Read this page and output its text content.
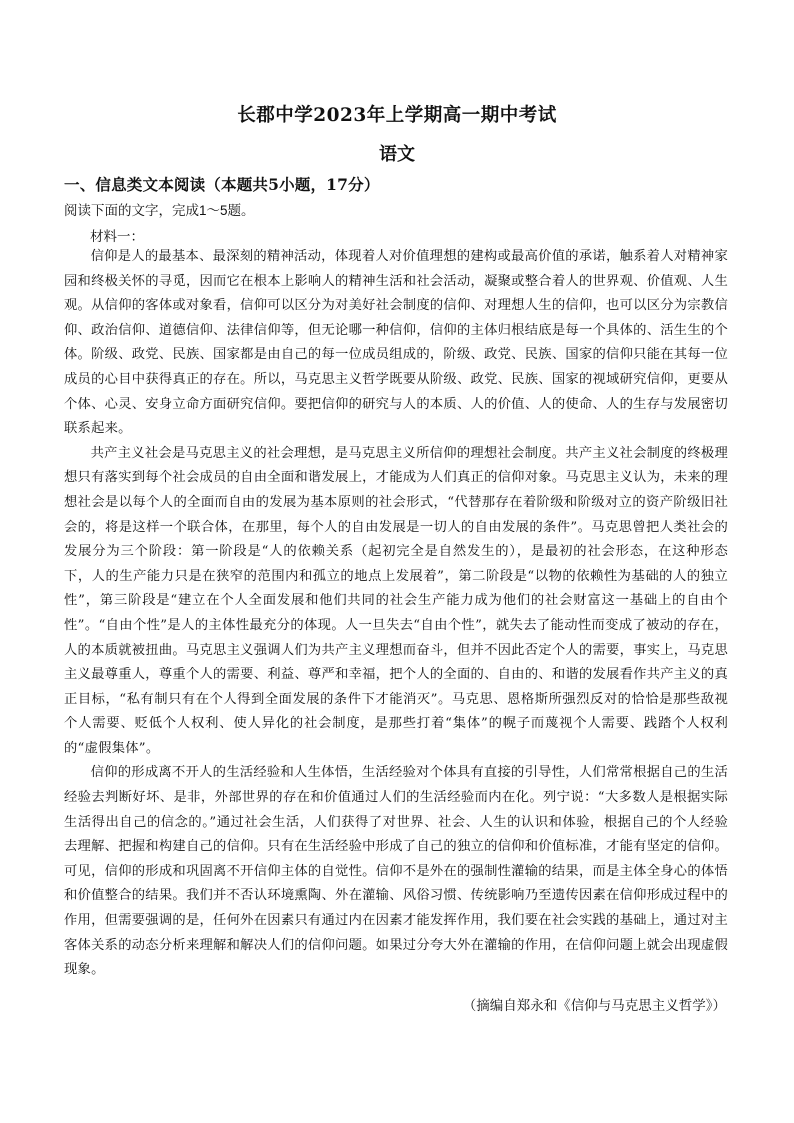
长郡中学2023年上学期高一期中考试
语文
一、信息类文本阅读（本题共5小题，17分）
阅读下面的文字，完成1～5题。
材料一：

信仰是人的最基本、最深刻的精神活动，体现着人对价值理想的建构或最高价值的承诺，触系着人对精神家园和终极关怀的寻觅，因而它在根本上影响人的精神生活和社会活动，凝聚或整合着人的世界观、价值观、人生观。从信仰的客体或对象看，信仰可以区分为对美好社会制度的信仰、对理想人生的信仰，也可以区分为宗教信仰、政治信仰、道德信仰、法律信仰等，但无论哪一种信仰，信仰的主体归根结底是每一个具体的、活生生的个体。阶级、政党、民族、国家都是由自己的每一位成员组成的，阶级、政党、民族、国家的信仰只能在其每一位成员的心目中获得真正的存在。所以，马克思主义哲学既要从阶级、政党、民族、国家的视域研究信仰，更要从个体、心灵、安身立命方面研究信仰。要把信仰的研究与人的本质、人的价值、人的使命、人的生存与发展密切联系起来。

共产主义社会是马克思主义的社会理想，是马克思主义所信仰的理想社会制度。共产主义社会制度的终极理想只有落实到每个社会成员的自由全面和谐发展上，才能成为人们真正的信仰对象。马克思主义认为，未来的理想社会是以每个人的全面而自由的发展为基本原则的社会形式，“代替那存在着阶级和阶级对立的资产阶级旧社会的，将是这样一个联合体，在那里，每个人的自由发展是一切人的自由发展的条件”。马克思曾把人类社会的发展分为三个阶段：第一阶段是“人的依赖关系（起初完全是自然发生的），是最初的社会形态，在这种形态下，人的生产能力只是在狭窄的范围内和孤立的地点上发展着”，第二阶段是“以物的依赖性为基础的人的独立性”，第三阶段是“建立在个人全面发展和他们共同的社会生产能力成为他们的社会财富这一基础上的自由个性”。“自由个性”是人的主体性最充分的体现。人一旦失去“自由个性”，就失去了能动性而变成了被动的存在，人的本质就被扭曲。马克思主义强调人们为共产主义理想而奋斗，但并不因此否定个人的需要，事实上，马克思主义最尊重人，尊重个人的需要、利益、尊严和幸福，把个人的全面的、自由的、和谐的发展看作共产主义的真正目标，“私有制只有在个人得到全面发展的条件下才能消灭”。马克思、恩格斯所强烈反对的恰恰是那些敌视个人需要、贬低个人权利、使人异化的社会制度，是那些打着“集体”的幌子而蔑视个人需要、践踏个人权利的“虚假集体”。

信仰的形成离不开人的生活经验和人生体悟，生活经验对个体具有直接的引导性，人们常常根据自己的生活经验去判断好坏、是非，外部世界的存在和价值通过人们的生活经验而内在化。列宁说：“大多数人是根据实际生活得出自己的信念的。”通过社会生活，人们获得了对世界、社会、人生的认识和体验，根据自己的个人经验去理解、把握和构建自己的信仰。只有在生活经验中形成了自己的独立的信仰和价值标准，才能有坚定的信仰。可见，信仰的形成和巩固离不开信仰主体的自觉性。信仰不是外在的强制性灌输的结果，而是主体全身心的体悟和价值整合的结果。我们并不否认环境熏陶、外在灌输、风俗习惯、传统影响乃至遗传因素在信仰形成过程中的作用，但需要强调的是，任何外在因素只有通过内在因素才能发挥作用，我们要在社会实践的基础上，通过对主客体关系的动态分析来理解和解决人们的信仰问题。如果过分夸大外在灌输的作用，在信仰问题上就会出现虚假现象。

（摘编自郑永和《信仰与马克思主义哲学》）
